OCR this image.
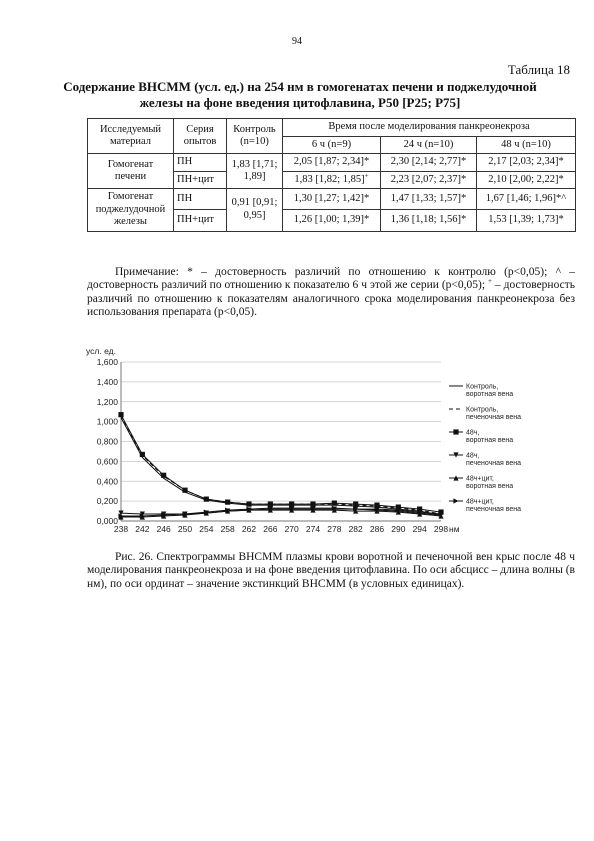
94
Таблица 18
Содержание ВНСММ (усл. ед.) на 254 нм в гомогенатах печени и поджелудочной железы на фоне введения цитофлавина, P50 [P25; P75]
Исследуемый материал	Серия опытов	Контроль (n=10)	Время после моделирования панкреонекроза		
			6 ч (n=9)	24 ч (n=10)	48 ч (n=10)
Гомогенат печени	ПН	1,83 [1,71; 1,89]	2,05 [1,87; 2,34]*	2,30 [2,14; 2,77]*	2,17 [2,03; 2,34]*
	ПН+цит		1,83 [1,82; 1,85]+	2,23 [2,07; 2,37]*	2,10 [2,00; 2,22]*
Гомогенат поджелудочной железы	ПН	0,91 [0,91; 0,95]	1,30 [1,27; 1,42]*	1,47 [1,33; 1,57]*	1,67 [1,46; 1,96]*^
	ПН+цит		1,26 [1,00; 1,39]*	1,36 [1,18; 1,56]*	1,53 [1,39; 1,73]*
Примечание: * – достоверность различий по отношению к контролю (p<0,05); ^ – достоверность различий по отношению к показателю 6 ч этой же серии (p<0,05); + – достоверность различий по отношению к показателям аналогичного срока моделирования панкреонекроза без использования препарата (p<0,05).
0,000
0,200
0,400
0,600
0,800
1,000
1,200
1,400
1,600
238 242 246 250 254 258 262 266 270 274 278 282 286 290 294 298
усл. ед.
нм
Контроль,
воротная вена
Контроль,
печеночная вена
48ч,
воротная вена
48ч,
печеночная вена
48ч+цит,
воротная вена
48ч+цит,
печеночная вена
Рис. 26. Спектрограммы ВНСММ плазмы крови воротной и печеночной вен крыс после 48 ч моделирования панкреонекроза и на фоне введения цитофлавина. По оси абсцисс – длина волны (в нм), по оси ординат – значение экстинкций ВНСММ (в условных единицах).
